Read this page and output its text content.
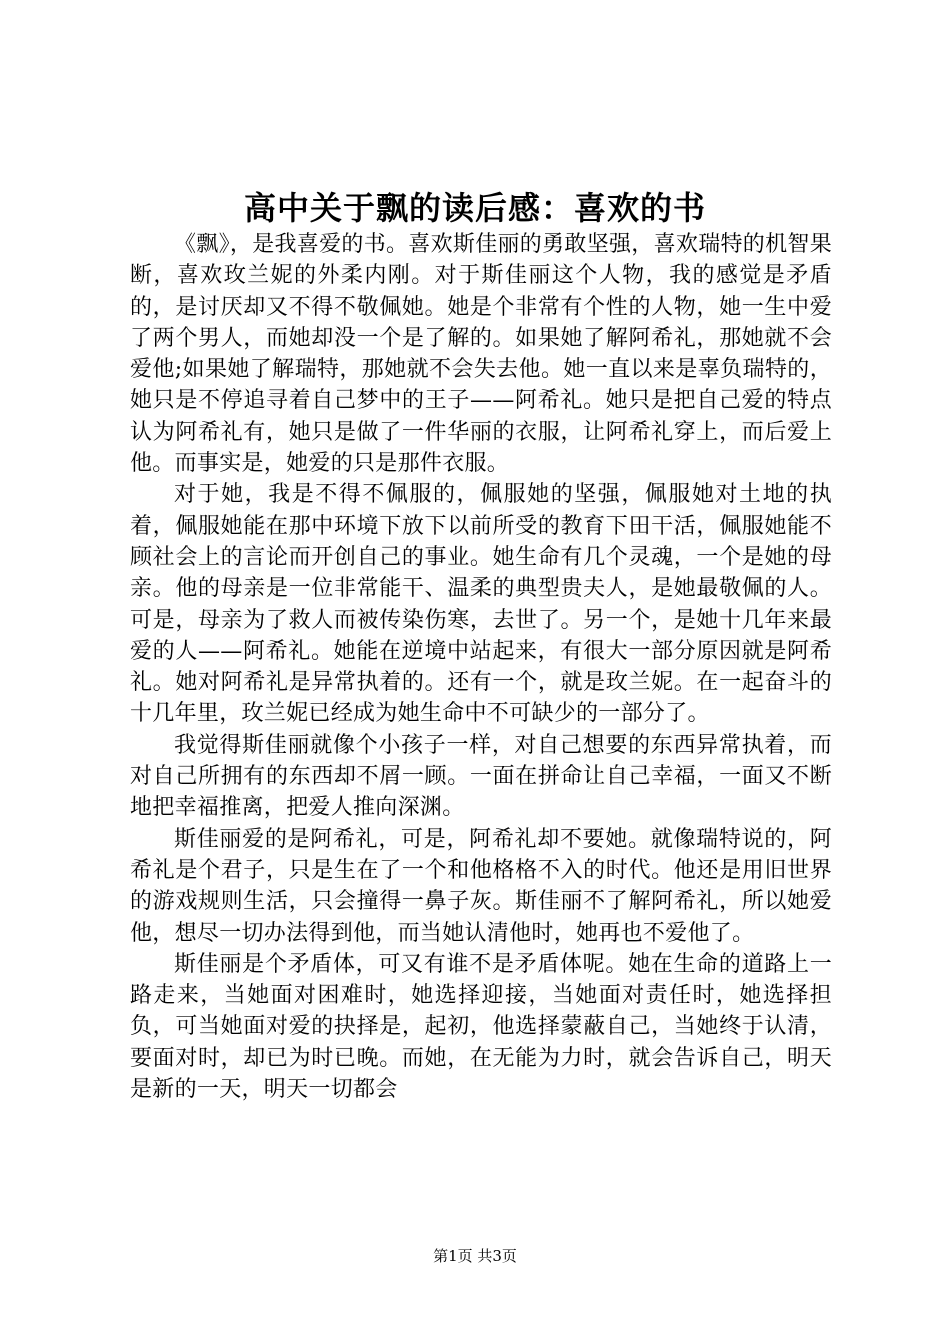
高中关于飘的读后感：喜欢的书

《飘》，是我喜爱的书。喜欢斯佳丽的勇敢坚强，喜欢瑞特的机智果断，喜欢玫兰妮的外柔内刚。对于斯佳丽这个人物，我的感觉是矛盾的，是讨厌却又不得不敬佩她。她是个非常有个性的人物，她一生中爱了两个男人，而她却没一个是了解的。如果她了解阿希礼，那她就不会爱他;如果她了解瑞特，那她就不会失去他。她一直以来是辜负瑞特的，她只是不停追寻着自己梦中的王子——阿希礼。她只是把自己爱的特点认为阿希礼有，她只是做了一件华丽的衣服，让阿希礼穿上，而后爱上他。而事实是，她爱的只是那件衣服。

对于她，我是不得不佩服的，佩服她的坚强，佩服她对土地的执着，佩服她能在那中环境下放下以前所受的教育下田干活，佩服她能不顾社会上的言论而开创自己的事业。她生命有几个灵魂，一个是她的母亲。他的母亲是一位非常能干、温柔的典型贵夫人，是她最敬佩的人。可是，母亲为了救人而被传染伤寒，去世了。另一个，是她十几年来最爱的人——阿希礼。她能在逆境中站起来，有很大一部分原因就是阿希礼。她对阿希礼是异常执着的。还有一个，就是玫兰妮。在一起奋斗的十几年里，玫兰妮已经成为她生命中不可缺少的一部分了。

我觉得斯佳丽就像个小孩子一样，对自己想要的东西异常执着，而对自己所拥有的东西却不屑一顾。一面在拼命让自己幸福，一面又不断地把幸福推离，把爱人推向深渊。

斯佳丽爱的是阿希礼，可是，阿希礼却不要她。就像瑞特说的，阿希礼是个君子，只是生在了一个和他格格不入的时代。他还是用旧世界的游戏规则生活，只会撞得一鼻子灰。斯佳丽不了解阿希礼，所以她爱他，想尽一切办法得到他，而当她认清他时，她再也不爱他了。

斯佳丽是个矛盾体，可又有谁不是矛盾体呢。她在生命的道路上一路走来，当她面对困难时，她选择迎接，当她面对责任时，她选择担负，可当她面对爱的抉择是，起初，他选择蒙蔽自己，当她终于认清，要面对时，却已为时已晚。而她，在无能为力时，就会告诉自己，明天是新的一天，明天一切都会

第1页 共3页
